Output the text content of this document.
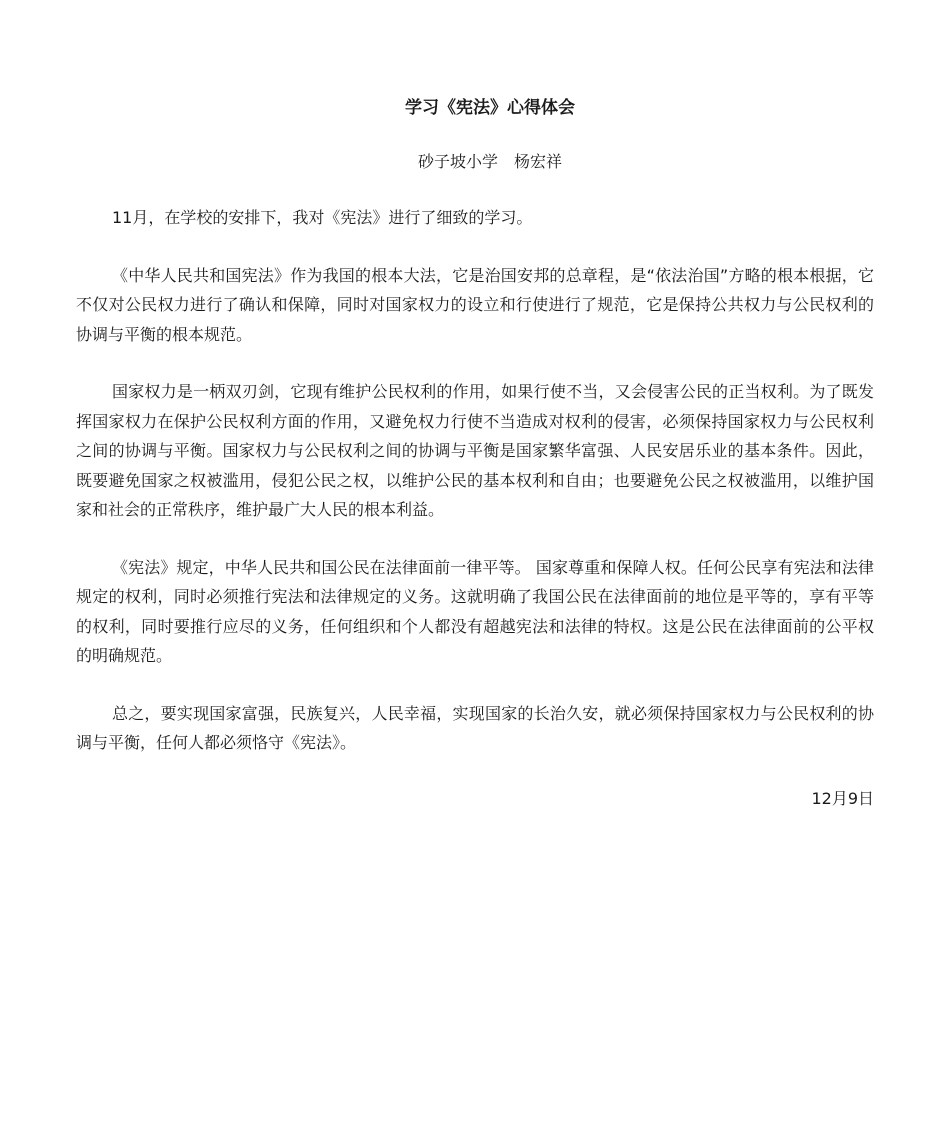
学习《宪法》心得体会
砂子坡小学 杨宏祥

11月，在学校的安排下，我对《宪法》进行了细致的学习。

《中华人民共和国宪法》作为我国的根本大法，它是治国安邦的总章程，是“依法治国”方略的根本根据，它不仅对公民权力进行了确认和保障，同时对国家权力的设立和行使进行了规范，它是保持公共权力与公民权利的协调与平衡的根本规范。

国家权力是一柄双刃剑，它现有维护公民权利的作用，如果行使不当，又会侵害公民的正当权利。为了既发挥国家权力在保护公民权利方面的作用，又避免权力行使不当造成对权利的侵害，必须保持国家权力与公民权利之间的协调与平衡。国家权力与公民权利之间的协调与平衡是国家繁华富强、人民安居乐业的基本条件。因此，既要避免国家之权被滥用，侵犯公民之权，以维护公民的基本权利和自由；也要避免公民之权被滥用，以维护国家和社会的正常秩序，维护最广大人民的根本利益。

《宪法》规定，中华人民共和国公民在法律面前一律平等。 国家尊重和保障人权。任何公民享有宪法和法律规定的权利，同时必须推行宪法和法律规定的义务。这就明确了我国公民在法律面前的地位是平等的，享有平等的权利，同时要推行应尽的义务，任何组织和个人都没有超越宪法和法律的特权。这是公民在法律面前的公平权的明确规范。

总之，要实现国家富强，民族复兴，人民幸福，实现国家的长治久安，就必须保持国家权力与公民权利的协调与平衡，任何人都必须恪守《宪法》。

12月9日
